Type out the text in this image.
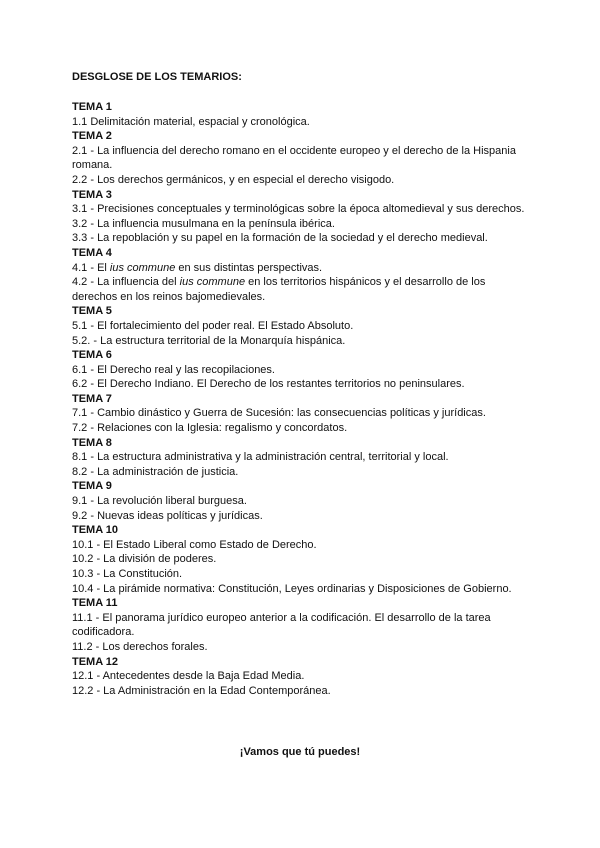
DESGLOSE DE LOS TEMARIOS:
TEMA 1
1.1 Delimitación material, espacial y cronológica.
TEMA 2
2.1 - La influencia del derecho romano en el occidente europeo y el derecho de la Hispania romana.
2.2 - Los derechos germánicos, y en especial el derecho visigodo.
TEMA 3
3.1 - Precisiones conceptuales y terminológicas sobre la época altomedieval y sus derechos.
3.2 - La influencia musulmana en la península ibérica.
3.3 - La repoblación y su papel en la formación de la sociedad y el derecho medieval.
TEMA 4
4.1 - El ius commune en sus distintas perspectivas.
4.2 - La influencia del ius commune en los territorios hispánicos y el desarrollo de los derechos en los reinos bajomedievales.
TEMA 5
5.1 - El fortalecimiento del poder real. El Estado Absoluto.
5.2. - La estructura territorial de la Monarquía hispánica.
TEMA 6
6.1 - El Derecho real y las recopilaciones.
6.2 - El Derecho Indiano. El Derecho de los restantes territorios no peninsulares.
TEMA 7
7.1 - Cambio dinástico y Guerra de Sucesión: las consecuencias políticas y jurídicas.
7.2 - Relaciones con la Iglesia: regalismo y concordatos.
TEMA 8
8.1 - La estructura administrativa y la administración central, territorial y local.
8.2 - La administración de justicia.
TEMA 9
9.1 - La revolución liberal burguesa.
9.2 - Nuevas ideas políticas y jurídicas.
TEMA 10
10.1 - El Estado Liberal como Estado de Derecho.
10.2 - La división de poderes.
10.3 - La Constitución.
10.4 - La pirámide normativa: Constitución, Leyes ordinarias y Disposiciones de Gobierno.
TEMA 11
11.1 - El panorama jurídico europeo anterior a la codificación. El desarrollo de la tarea codificadora.
11.2 - Los derechos forales.
TEMA 12
12.1 - Antecedentes desde la Baja Edad Media.
12.2 - La Administración en la Edad Contemporánea.
¡Vamos que tú puedes!
